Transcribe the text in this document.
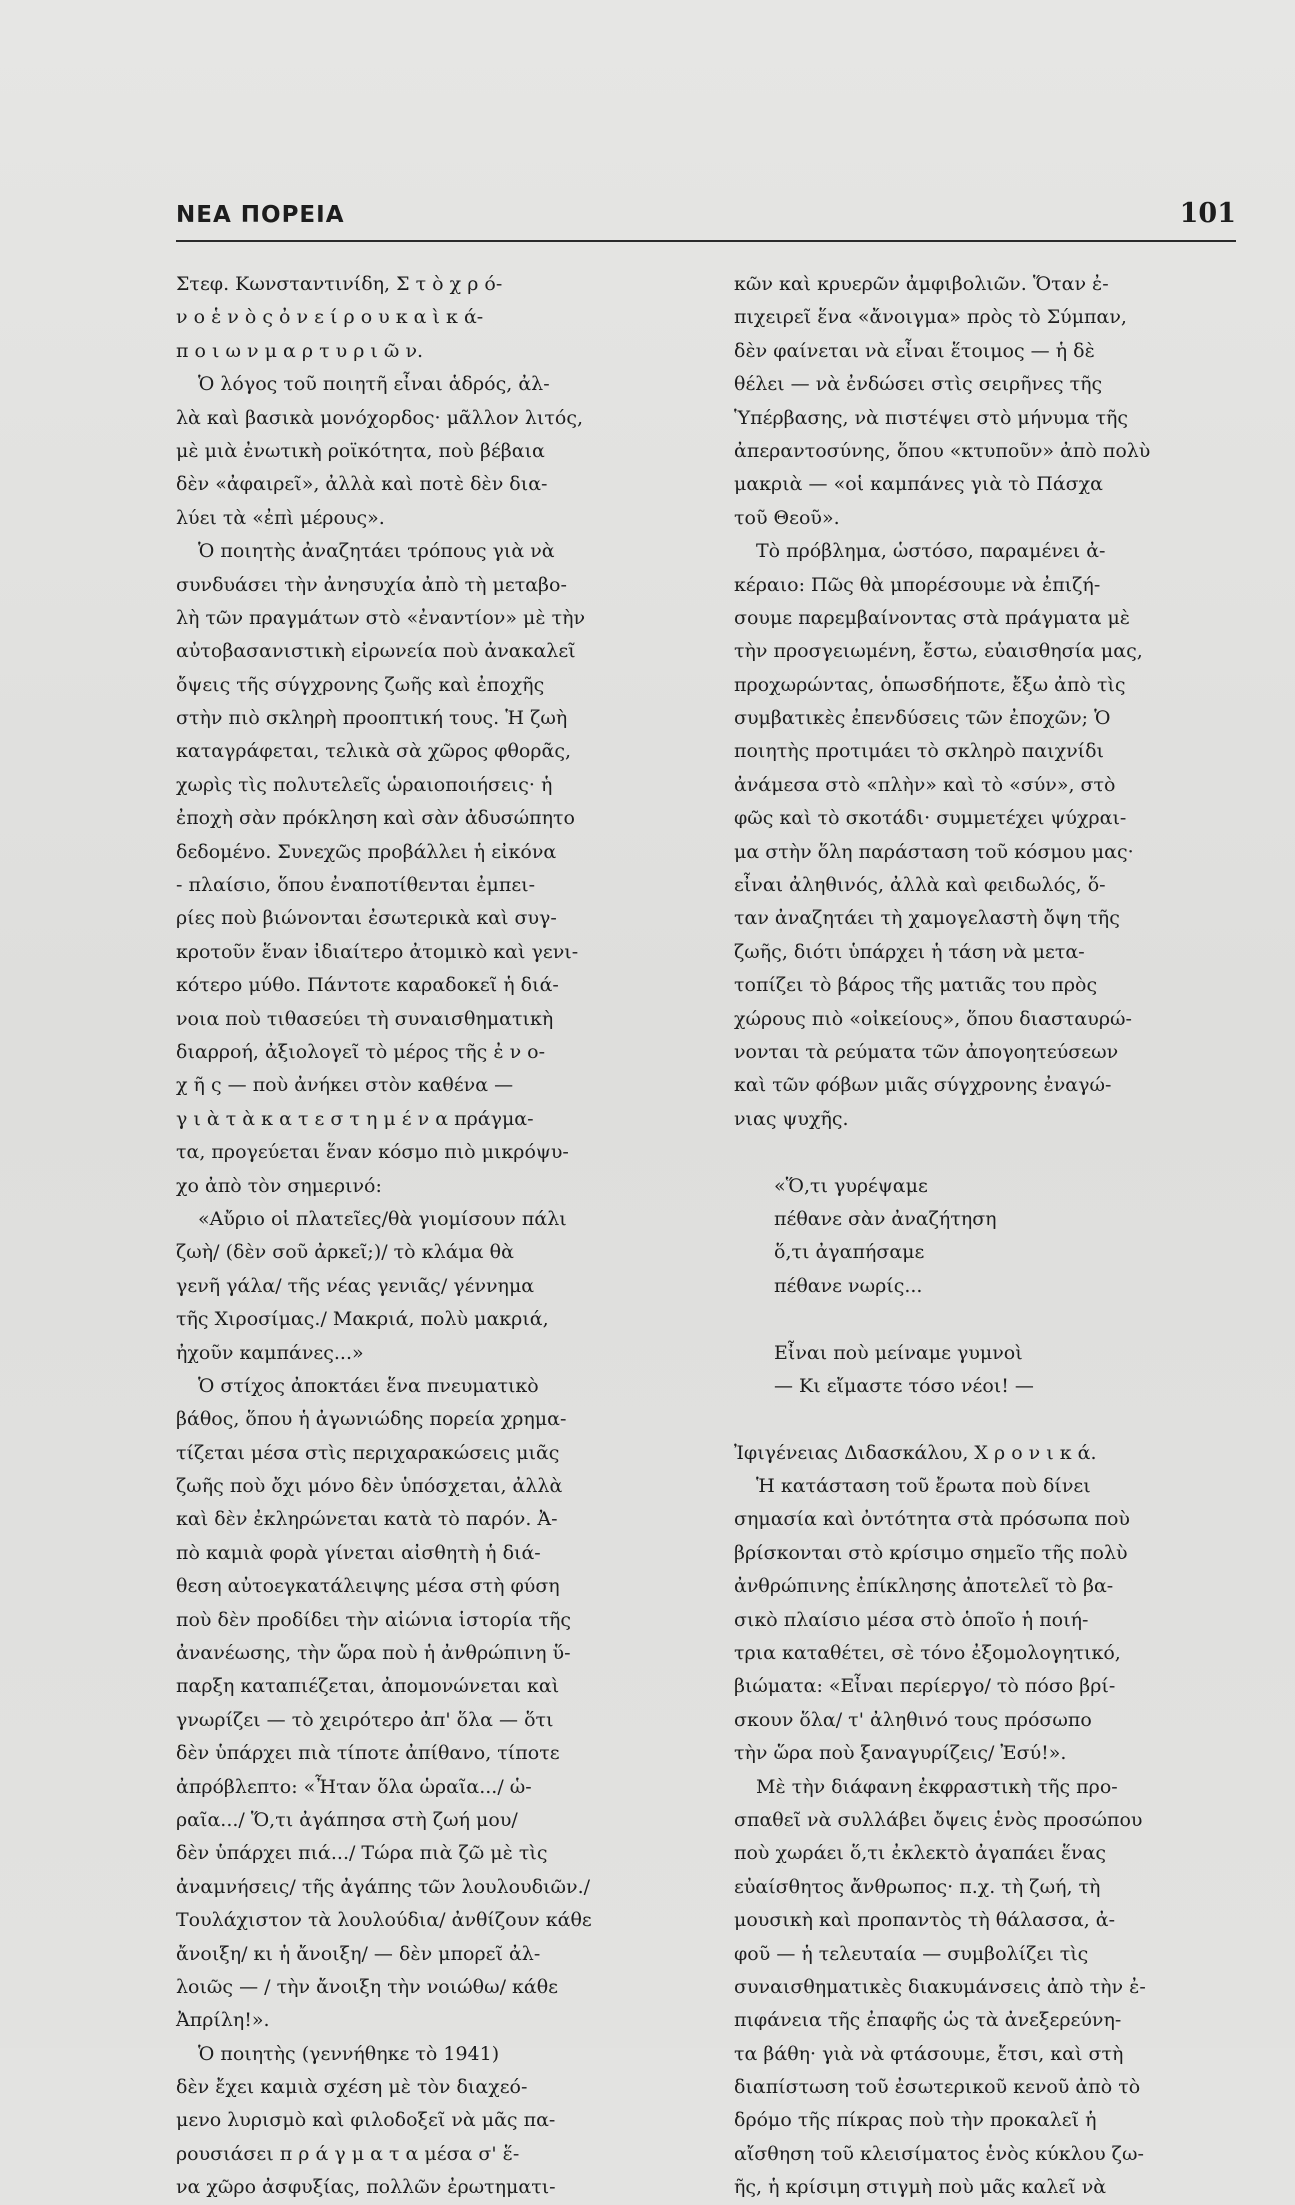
ΝΕΑ ΠΟΡΕΙΑ	101
Στεφ. Κωνσταντινίδη, Σ τ ὸ χ ρ ό-
ν ο ἑ ν ὸ ς ὀ ν ε ί ρ ο υ κ α ὶ κ ά-
π ο ι ω ν μ α ρ τ υ ρ ι ῶ ν.
Ὁ λόγος τοῦ ποιητῆ εἶναι ἁδρός, ἀλ-
λὰ καὶ βασικὰ μονόχορδος· μᾶλλον λιτός,
μὲ μιὰ ἐνωτικὴ ροϊκότητα, ποὺ βέβαια
δὲν «ἀφαιρεῖ», ἀλλὰ καὶ ποτὲ δὲν δια-
λύει τὰ «ἐπὶ μέρους».
Ὁ ποιητὴς ἀναζητάει τρόπους γιὰ νὰ
συνδυάσει τὴν ἀνησυχία ἀπὸ τὴ μεταβο-
λὴ τῶν πραγμάτων στὸ «ἐναντίον» μὲ τὴν
αὐτοβασανιστικὴ εἰρωνεία ποὺ ἀνακαλεῖ
ὄψεις τῆς σύγχρονης ζωῆς καὶ ἐποχῆς
στὴν πιὸ σκληρὴ προοπτική τους. Ἡ ζωὴ
καταγράφεται, τελικὰ σὰ χῶρος φθορᾶς,
χωρὶς τὶς πολυτελεῖς ὡραιοποιήσεις· ἡ
ἐποχὴ σὰν πρόκληση καὶ σὰν ἀδυσώπητο
δεδομένο. Συνεχῶς προβάλλει ἡ εἰκόνα
- πλαίσιο, ὅπου ἐναποτίθενται ἐμπει-
ρίες ποὺ βιώνονται ἐσωτερικὰ καὶ συγ-
κροτοῦν ἕναν ἰδιαίτερο ἀτομικὸ καὶ γενι-
κότερο μύθο. Πάντοτε καραδοκεῖ ἡ διά-
νοια ποὺ τιθασεύει τὴ συναισθηματικὴ
διαρροή, ἀξιολογεῖ τὸ μέρος τῆς ἐ ν ο-
χ ῆ ς — ποὺ ἀνήκει στὸν καθένα —
γ ι ὰ τ ὰ κ α τ ε σ τ η μ έ ν α πράγμα-
τα, προγεύεται ἕναν κόσμο πιὸ μικρόψυ-
χο ἀπὸ τὸν σημερινό:
«Αὔριο οἱ πλατεῖες/θὰ γιομίσουν πάλι
ζωὴ/ (δὲν σοῦ ἀρκεῖ;)/ τὸ κλάμα θὰ
γενῆ γάλα/ τῆς νέας γενιᾶς/ γέννημα
τῆς Χιροσίμας./ Μακριά, πολὺ μακριά,
ἠχοῦν καμπάνες...»
Ὁ στίχος ἀποκτάει ἕνα πνευματικὸ
βάθος, ὅπου ἡ ἀγωνιώδης πορεία χρημα-
τίζεται μέσα στὶς περιχαρακώσεις μιᾶς
ζωῆς ποὺ ὄχι μόνο δὲν ὑπόσχεται, ἀλλὰ
καὶ δὲν ἐκληρώνεται κατὰ τὸ παρόν. Ἀ-
πὸ καμιὰ φορὰ γίνεται αἰσθητὴ ἡ διά-
θεση αὐτοεγκατάλειψης μέσα στὴ φύση
ποὺ δὲν προδίδει τὴν αἰώνια ἱστορία τῆς
ἀνανέωσης, τὴν ὥρα ποὺ ἡ ἀνθρώπινη ὕ-
παρξη καταπιέζεται, ἀπομονώνεται καὶ
γνωρίζει — τὸ χειρότερο ἀπ' ὅλα — ὅτι
δὲν ὑπάρχει πιὰ τίποτε ἀπίθανο, τίποτε
ἀπρόβλεπτο: «Ἦταν ὅλα ὡραῖα.../ ὡ-
ραῖα.../ Ὅ,τι ἀγάπησα στὴ ζωή μου/
δὲν ὑπάρχει πιά.../ Τώρα πιὰ ζῶ μὲ τὶς
ἀναμνήσεις/ τῆς ἀγάπης τῶν λουλουδιῶν./
Τουλάχιστον τὰ λουλούδια/ ἀνθίζουν κάθε
ἄνοιξη/ κι ἡ ἄνοιξη/ — δὲν μπορεῖ ἀλ-
λοιῶς — / τὴν ἄνοιξη τὴν νοιώθω/ κάθε
Ἀπρίλη!».
Ὁ ποιητὴς (γεννήθηκε τὸ 1941)
δὲν ἔχει καμιὰ σχέση μὲ τὸν διαχεό-
μενο λυρισμὸ καὶ φιλοδοξεῖ νὰ μᾶς πα-
ρουσιάσει π ρ ά γ μ α τ α μέσα σ' ἕ-
να χῶρο ἀσφυξίας, πολλῶν ἐρωτηματι-
κῶν καὶ κρυερῶν ἀμφιβολιῶν. Ὅταν ἐ-
πιχειρεῖ ἕνα «ἄνοιγμα» πρὸς τὸ Σύμπαν,
δὲν φαίνεται νὰ εἶναι ἕτοιμος — ἡ δὲ
θέλει — νὰ ἐνδώσει στὶς σειρῆνες τῆς
Ὑπέρβασης, νὰ πιστέψει στὸ μήνυμα τῆς
ἀπεραντοσύνης, ὅπου «κτυποῦν» ἀπὸ πολὺ
μακριὰ — «οἱ καμπάνες γιὰ τὸ Πάσχα
τοῦ Θεοῦ».
Τὸ πρόβλημα, ὡστόσο, παραμένει ἀ-
κέραιο: Πῶς θὰ μπορέσουμε νὰ ἐπιζή-
σουμε παρεμβαίνοντας στὰ πράγματα μὲ
τὴν προσγειωμένη, ἔστω, εὐαισθησία μας,
προχωρώντας, ὁπωσδήποτε, ἔξω ἀπὸ τὶς
συμβατικὲς ἐπενδύσεις τῶν ἐποχῶν; Ὁ
ποιητὴς προτιμάει τὸ σκληρὸ παιχνίδι
ἀνάμεσα στὸ «πλὴν» καὶ τὸ «σύν», στὸ
φῶς καὶ τὸ σκοτάδι· συμμετέχει ψύχραι-
μα στὴν ὅλη παράσταση τοῦ κόσμου μας·
εἶναι ἀληθινός, ἀλλὰ καὶ φειδωλός, ὅ-
ταν ἀναζητάει τὴ χαμογελαστὴ ὄψη τῆς
ζωῆς, διότι ὑπάρχει ἡ τάση νὰ μετα-
τοπίζει τὸ βάρος τῆς ματιᾶς του πρὸς
χώρους πιὸ «οἰκείους», ὅπου διασταυρώ-
νονται τὰ ρεύματα τῶν ἀπογοητεύσεων
καὶ τῶν φόβων μιᾶς σύγχρονης ἐναγώ-
νιας ψυχῆς.
«Ὅ,τι γυρέψαμε
πέθανε σὰν ἀναζήτηση
ὅ,τι ἀγαπήσαμε
πέθανε νωρίς...
Εἶναι ποὺ μείναμε γυμνοὶ
— Κι εἴμαστε τόσο νέοι! —
Ἰφιγένειας Διδασκάλου, Χ ρ ο ν ι κ ά.
Ἡ κατάσταση τοῦ ἔρωτα ποὺ δίνει
σημασία καὶ ὀντότητα στὰ πρόσωπα ποὺ
βρίσκονται στὸ κρίσιμο σημεῖο τῆς πολὺ
ἀνθρώπινης ἐπίκλησης ἀποτελεῖ τὸ βα-
σικὸ πλαίσιο μέσα στὸ ὁποῖο ἡ ποιή-
τρια καταθέτει, σὲ τόνο ἐξομολογητικό,
βιώματα: «Εἶναι περίεργο/ τὸ πόσο βρί-
σκουν ὅλα/ τ' ἀληθινό τους πρόσωπο
τὴν ὥρα ποὺ ξαναγυρίζεις/ Ἐσύ!».
Μὲ τὴν διάφανη ἐκφραστικὴ τῆς προ-
σπαθεῖ νὰ συλλάβει ὄψεις ἑνὸς προσώπου
ποὺ χωράει ὅ,τι ἐκλεκτὸ ἀγαπάει ἕνας
εὐαίσθητος ἄνθρωπος· π.χ. τὴ ζωή, τὴ
μουσικὴ καὶ προπαντὸς τὴ θάλασσα, ἀ-
φοῦ — ἡ τελευταία — συμβολίζει τὶς
συναισθηματικὲς διακυμάνσεις ἀπὸ τὴν ἐ-
πιφάνεια τῆς ἐπαφῆς ὡς τὰ ἀνεξερεύνη-
τα βάθη· γιὰ νὰ φτάσουμε, ἔτσι, καὶ στὴ
διαπίστωση τοῦ ἐσωτερικοῦ κενοῦ ἀπὸ τὸ
δρόμο τῆς πίκρας ποὺ τὴν προκαλεῖ ἡ
αἴσθηση τοῦ κλεισίματος ἑνὸς κύκλου ζω-
ῆς, ἡ κρίσιμη στιγμὴ ποὺ μᾶς καλεῖ νὰ
